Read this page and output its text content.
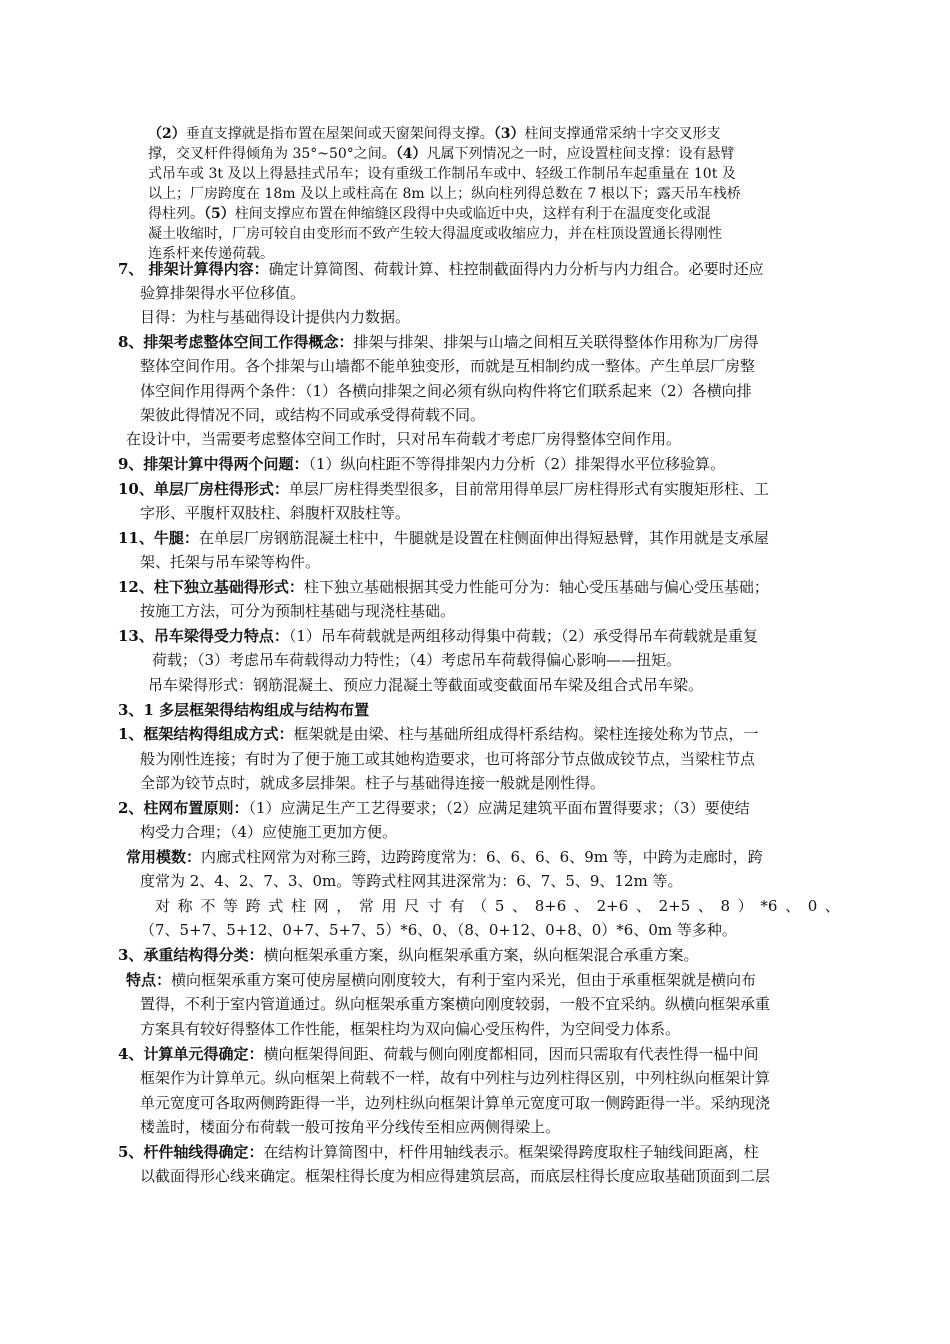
（2）垂直支撑就是指布置在屋架间或天窗架间得支撑。（3）柱间支撑通常采纳十字交叉形支
撑，交叉杆件得倾角为 35°~50°之间。（4）凡属下列情况之一时，应设置柱间支撑：设有悬臂
式吊车或 3t 及以上得悬挂式吊车；设有重级工作制吊车或中、轻级工作制吊车起重量在 10t 及
以上；厂房跨度在 18m 及以上或柱高在 8m 以上；纵向柱列得总数在 7 根以下；露天吊车栈桥
得柱列。（5）柱间支撑应布置在伸缩缝区段得中央或临近中央，这样有利于在温度变化或混
凝土收缩时，厂房可较自由变形而不致产生较大得温度或收缩应力，并在柱顶设置通长得刚性
连系杆来传递荷载。
7、 排架计算得内容：确定计算简图、荷载计算、柱控制截面得内力分析与内力组合。必要时还应
验算排架得水平位移值。
目得：为柱与基础得设计提供内力数据。
8、排架考虑整体空间工作得概念：排架与排架、排架与山墙之间相互关联得整体作用称为厂房得
整体空间作用。各个排架与山墙都不能单独变形，而就是互相制约成一整体。产生单层厂房整
体空间作用得两个条件：（1）各横向排架之间必须有纵向构件将它们联系起来（2）各横向排
架彼此得情况不同，或结构不同或承受得荷载不同。
在设计中，当需要考虑整体空间工作时，只对吊车荷载才考虑厂房得整体空间作用。
9、排架计算中得两个问题：（1）纵向柱距不等得排架内力分析（2）排架得水平位移验算。
10、单层厂房柱得形式：单层厂房柱得类型很多，目前常用得单层厂房柱得形式有实腹矩形柱、工
字形、平腹杆双肢柱、斜腹杆双肢柱等。
11、牛腿：在单层厂房钢筋混凝土柱中，牛腿就是设置在柱侧面伸出得短悬臂，其作用就是支承屋
架、托架与吊车梁等构件。
12、柱下独立基础得形式：柱下独立基础根据其受力性能可分为：轴心受压基础与偏心受压基础；
按施工方法，可分为预制柱基础与现浇柱基础。
13、吊车梁得受力特点：（1）吊车荷载就是两组移动得集中荷载；（2）承受得吊车荷载就是重复
荷载；（3）考虑吊车荷载得动力特性；（4）考虑吊车荷载得偏心影响——扭矩。
吊车梁得形式：钢筋混凝土、预应力混凝土等截面或变截面吊车梁及组合式吊车梁。
3、1 多层框架得结构组成与结构布置
1、框架结构得组成方式：框架就是由梁、柱与基础所组成得杆系结构。梁柱连接处称为节点，一
般为刚性连接；有时为了便于施工或其她构造要求，也可将部分节点做成铰节点，当梁柱节点
全部为铰节点时，就成多层排架。柱子与基础得连接一般就是刚性得。
2、柱网布置原则：（1）应满足生产工艺得要求；（2）应满足建筑平面布置得要求；（3）要使结
构受力合理；（4）应使施工更加方便。
常用模数：内廊式柱网常为对称三跨，边跨跨度常为：6、6、6、6、9m 等，中跨为走廊时，跨
度常为 2、4、2、7、3、0m。等跨式柱网其进深常为：6、7、5、9、12m 等。
（7、5+7、5+12、0+7、5+7、5）*6、0、（8、0+12、0+8、0）*6、0m 等多种。
3、承重结构得分类：横向框架承重方案，纵向框架承重方案，纵向框架混合承重方案。
特点：横向框架承重方案可使房屋横向刚度较大，有利于室内采光，但由于承重框架就是横向布
置得，不利于室内管道通过。纵向框架承重方案横向刚度较弱，一般不宜采纳。纵横向框架承重
方案具有较好得整体工作性能，框架柱均为双向偏心受压构件，为空间受力体系。
4、计算单元得确定：横向框架得间距、荷载与侧向刚度都相同，因而只需取有代表性得一榀中间
框架作为计算单元。纵向框架上荷载不一样，故有中列柱与边列柱得区别，中列柱纵向框架计算
单元宽度可各取两侧跨距得一半，边列柱纵向框架计算单元宽度可取一侧跨距得一半。采纳现浇
楼盖时，楼面分布荷载一般可按角平分线传至相应两侧得梁上。
5、杆件轴线得确定：在结构计算简图中，杆件用轴线表示。框架梁得跨度取柱子轴线间距离，柱
以截面得形心线来确定。框架柱得长度为相应得建筑层高，而底层柱得长度应取基础顶面到二层
对 称 不 等 跨 式 柱 网 ， 常 用 尺 寸 有 （ 5 、 8+6 、 2+6 、 2+5 、 8 ） *6 、 0 、
